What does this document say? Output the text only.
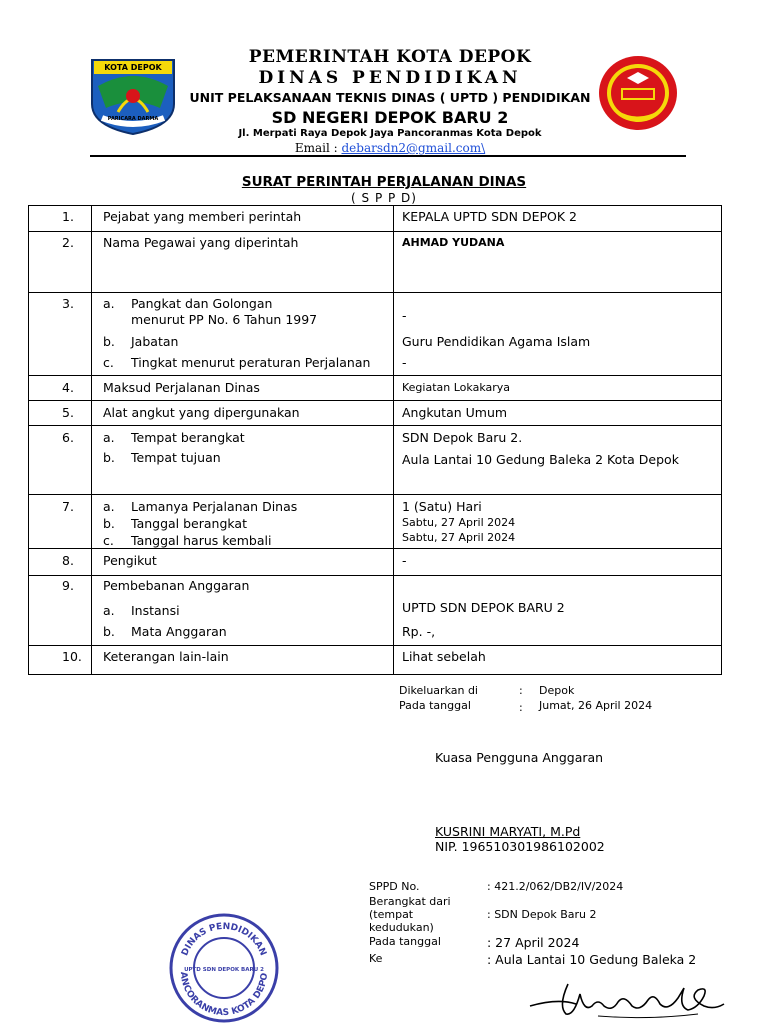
KOTA DEPOK
PARICARA DARMA
PEMERINTAH KOTA DEPOK
DINAS PENDIDIKAN
UNIT PELAKSANAAN TEKNIS DINAS ( UPTD ) PENDIDIKAN
SD NEGERI DEPOK BARU 2
Jl. Merpati Raya Depok Jaya Pancoranmas Kota Depok
Email : debarsdn2@gmail.com\
SURAT PERINTAH PERJALANAN DINAS
( S P P D)
1. Pejabat yang memberi perintah	KEPALA UPTD SDN DEPOK 2
2. Nama Pegawai yang diperintah	AHMAD YUDANA
3. a. Pangkat dan Golongan
menurut PP No. 6 Tahun 1997	-
b. Jabatan	Guru Pendidikan Agama Islam
c. Tingkat menurut peraturan Perjalanan	-
4. Maksud Perjalanan Dinas	Kegiatan Lokakarya
5. Alat angkut yang dipergunakan	Angkutan Umum
6. a. Tempat berangkat	SDN Depok Baru 2.
b. Tempat tujuan	Aula Lantai 10 Gedung Baleka 2 Kota Depok
7. a. Lamanya Perjalanan Dinas	1 (Satu) Hari
b. Tanggal berangkat	Sabtu, 27 April 2024
c. Tanggal harus kembali	Sabtu, 27 April 2024
8. Pengikut	-
9. Pembebanan Anggaran
a. Instansi	UPTD SDN DEPOK BARU 2
b. Mata Anggaran	Rp. -,
10. Keterangan lain-lain	Lihat sebelah
Dikeluarkan di	: Depok
Pada tanggal	: Jumat, 26 April 2024
Kuasa Pengguna Anggaran
KUSRINI MARYATI, M.Pd
NIP. 196510301986102002
DINAS PENDIDIKAN
ANCORANMAS KOTA DEPO
UPTD SDN DEPOK BARU 2
SPPD No.	: 421.2/062/DB2/IV/2024
Berangkat dari
(tempat
kedudukan)
: SDN Depok Baru 2
Pada tanggal	: 27 April 2024
Ke	: Aula Lantai 10 Gedung Baleka 2
